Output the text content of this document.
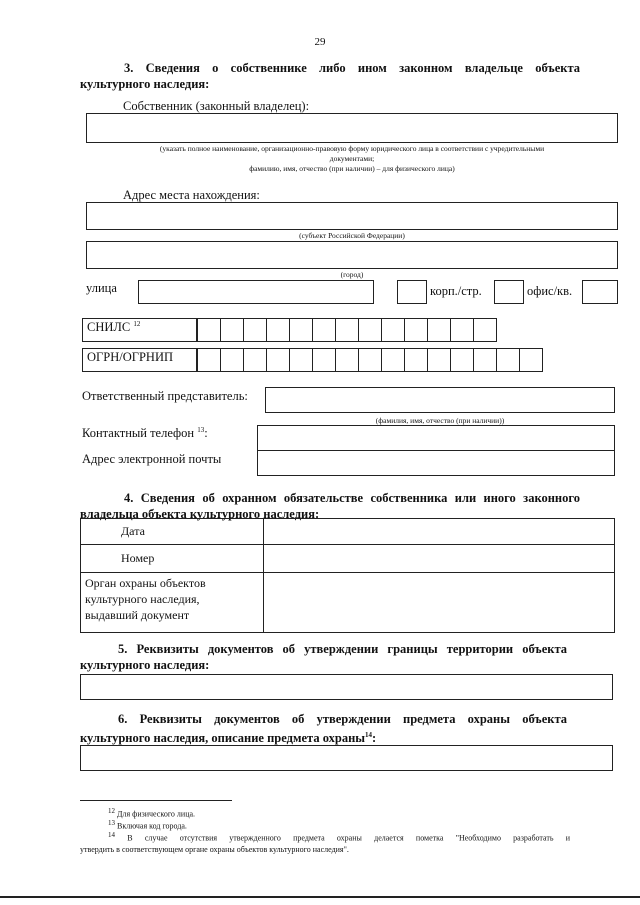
29
3. Сведения о собственнике либо ином законном владельце объекта
культурного наследия:
Собственник (законный владелец):
(указать полное наименование, организационно-правовую форму юридического лица в соответствии с учредительными
документами;
фамилию, имя, отчество (при наличии) – для физического лица)
Адрес места нахождения:
(субъект Российской Федерации)
(город)
улица	корп./стр.	офис/кв.
СНИЛС $^{12}$
ОГРН/ОГРНИП
Ответственный представитель:
(фамилия, имя, отчество (при наличии))
Контактный телефон $^{13}$:
Адрес электронной почты
4. Сведения об охранном обязательстве собственника или иного законного
владельца объекта культурного наследия:
Дата	
Номер	

Орган охраны объектов
культурного наследия,
выдавший документ	

5. Реквизиты документов об утверждении границы территории объекта
культурного наследия:
6. Реквизиты документов об утверждении предмета охраны объекта
культурного наследия, описание предмета охраны$^{14}$:
$^{12}$ Для физического лица.
$^{13}$ Включая код города.
$^{14}$ В случае отсутствия утвержденного предмета охраны делается пометка "Необходимо разработать и
утвердить в соответствующем органе охраны объектов культурного наследия".
